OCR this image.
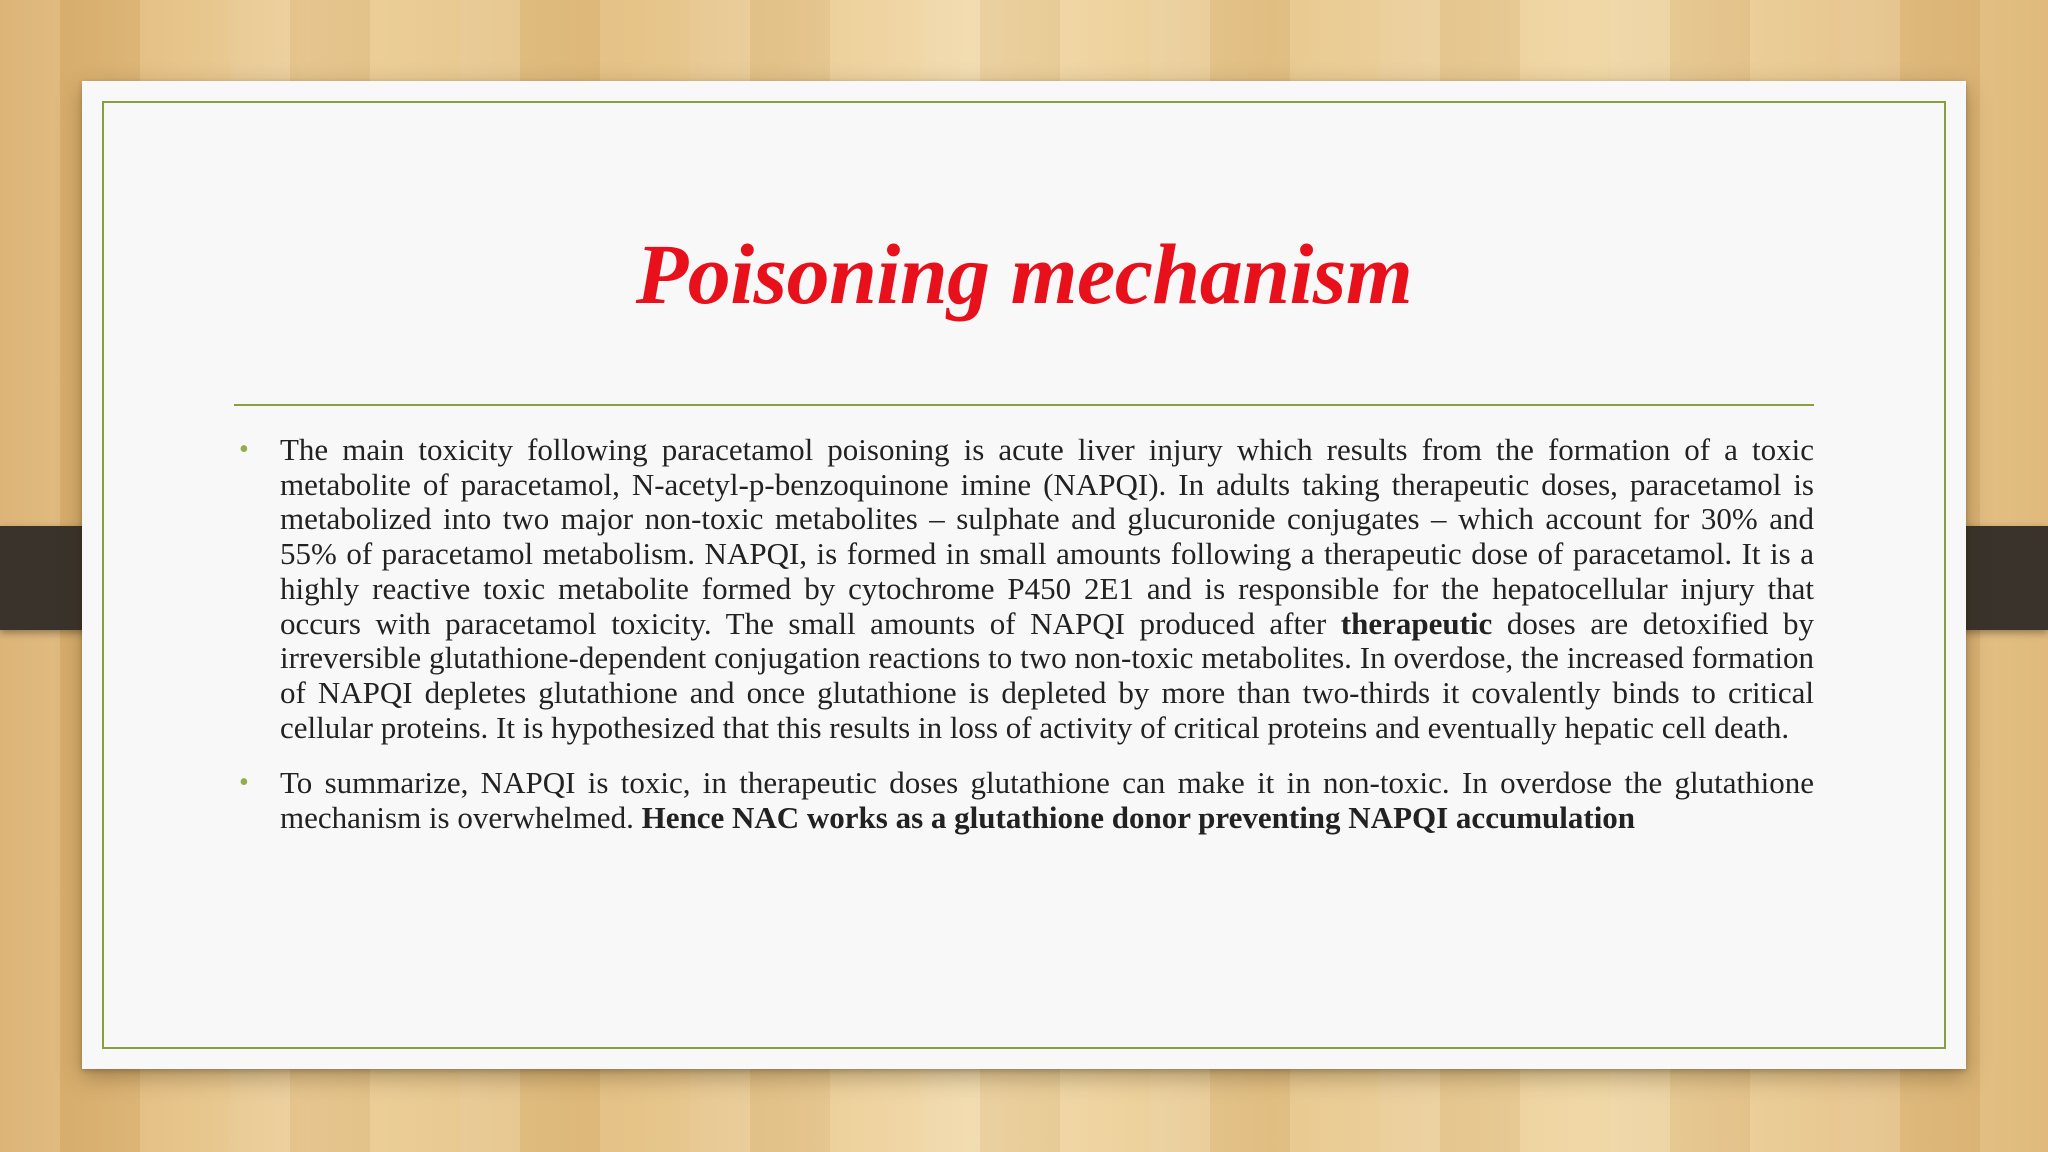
Poisoning mechanism
• The main toxicity following paracetamol poisoning is acute liver injury which results from the formation of a toxic metabolite of paracetamol, N-acetyl-p-benzoquinone imine (NAPQI). In adults taking therapeutic doses, paracetamol is metabolized into two major non-toxic metabolites – sulphate and glucuronide conjugates – which account for 30% and 55% of paracetamol metabolism. NAPQI, is formed in small amounts following a therapeutic dose of paracetamol. It is a highly reactive toxic metabolite formed by cytochrome P450 2E1 and is responsible for the hepatocellular injury that occurs with paracetamol toxicity. The small amounts of NAPQI produced after therapeutic doses are detoxified by irreversible glutathione-dependent conjugation reactions to two non-toxic metabolites. In overdose, the increased formation of NAPQI depletes glutathione and once glutathione is depleted by more than two-thirds it covalently binds to critical cellular proteins. It is hypothesized that this results in loss of activity of critical proteins and eventually hepatic cell death.
• To summarize, NAPQI is toxic, in therapeutic doses glutathione can make it in non-toxic. In overdose the glutathione mechanism is overwhelmed. Hence NAC works as a glutathione donor preventing NAPQI accumulation
